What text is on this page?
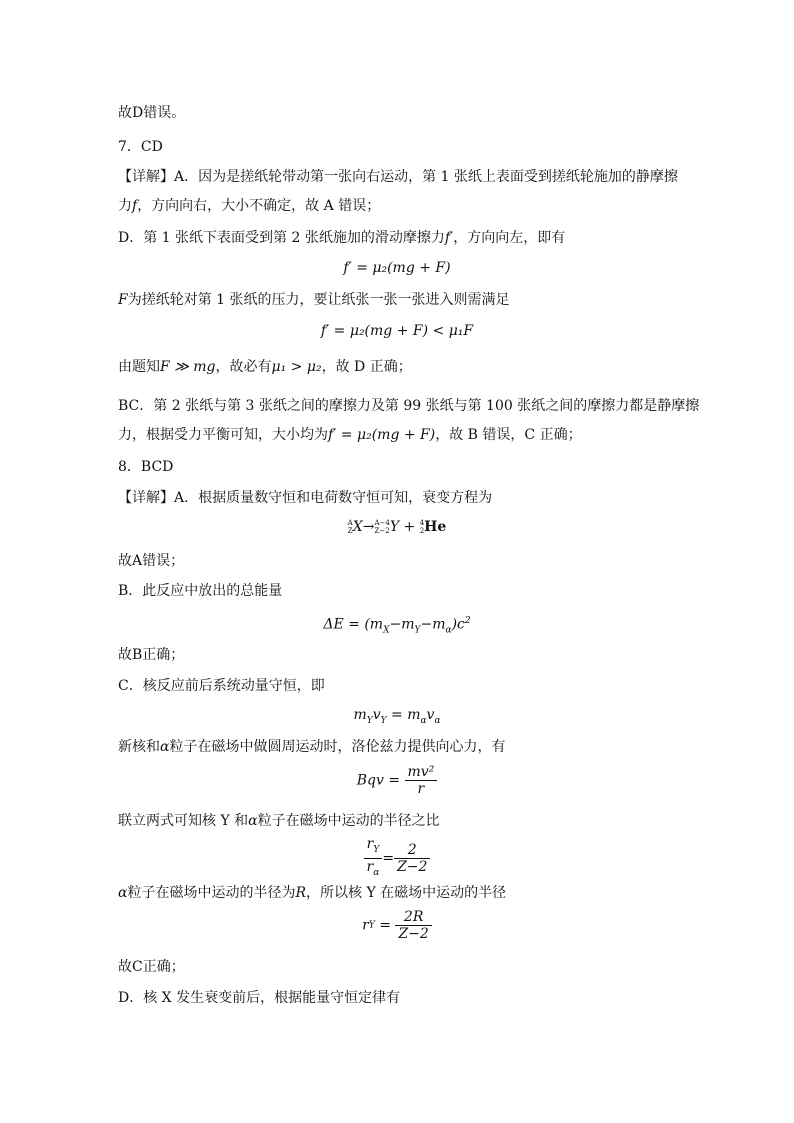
故D错误。
7．CD
【详解】A．因为是搓纸轮带动第一张向右运动，第 1 张纸上表面受到搓纸轮施加的静摩擦
力f，方向向右，大小不确定，故 A 错误；
D．第 1 张纸下表面受到第 2 张纸施加的滑动摩擦力f′，方向向左，即有
f′ = μ₂(mg + F)
F为搓纸轮对第 1 张纸的压力，要让纸张一张一张进入则需满足
f′ = μ₂(mg + F) < μ₁F
由题知F ≫ mg，故必有μ₁ > μ₂，故 D 正确；
BC．第 2 张纸与第 3 张纸之间的摩擦力及第 99 张纸与第 100 张纸之间的摩擦力都是静摩擦
力，根据受力平衡可知，大小均为f′ = μ₂(mg + F)，故 B 错误，C 正确；
8．BCD
【详解】A．根据质量数守恒和电荷数守恒可知，衰变方程为
A
Z X→ A−4
Z−2 Y + 4
2 He
故A错误；
B．此反应中放出的总能量
$\Delta E = (m_X-m_Y-m_\alpha)c^2$
故B正确；
C．核反应前后系统动量守恒，即
$m_Yv_Y = m_\alpha v_\alpha$
新核和α粒子在磁场中做圆周运动时，洛伦兹力提供向心力，有
Bqv = $\frac{\text{mv²}}{r}$
联立两式可知核 Y 和α粒子在磁场中运动的半径之比
$\frac{r_Y}{r_\alpha} = \frac{2}{Z-2}$
α粒子在磁场中运动的半径为R，所以核 Y 在磁场中运动的半径
rY = $\frac{2R}{Z-2}$
故C正确；
D．核 X 发生衰变前后，根据能量守恒定律有
